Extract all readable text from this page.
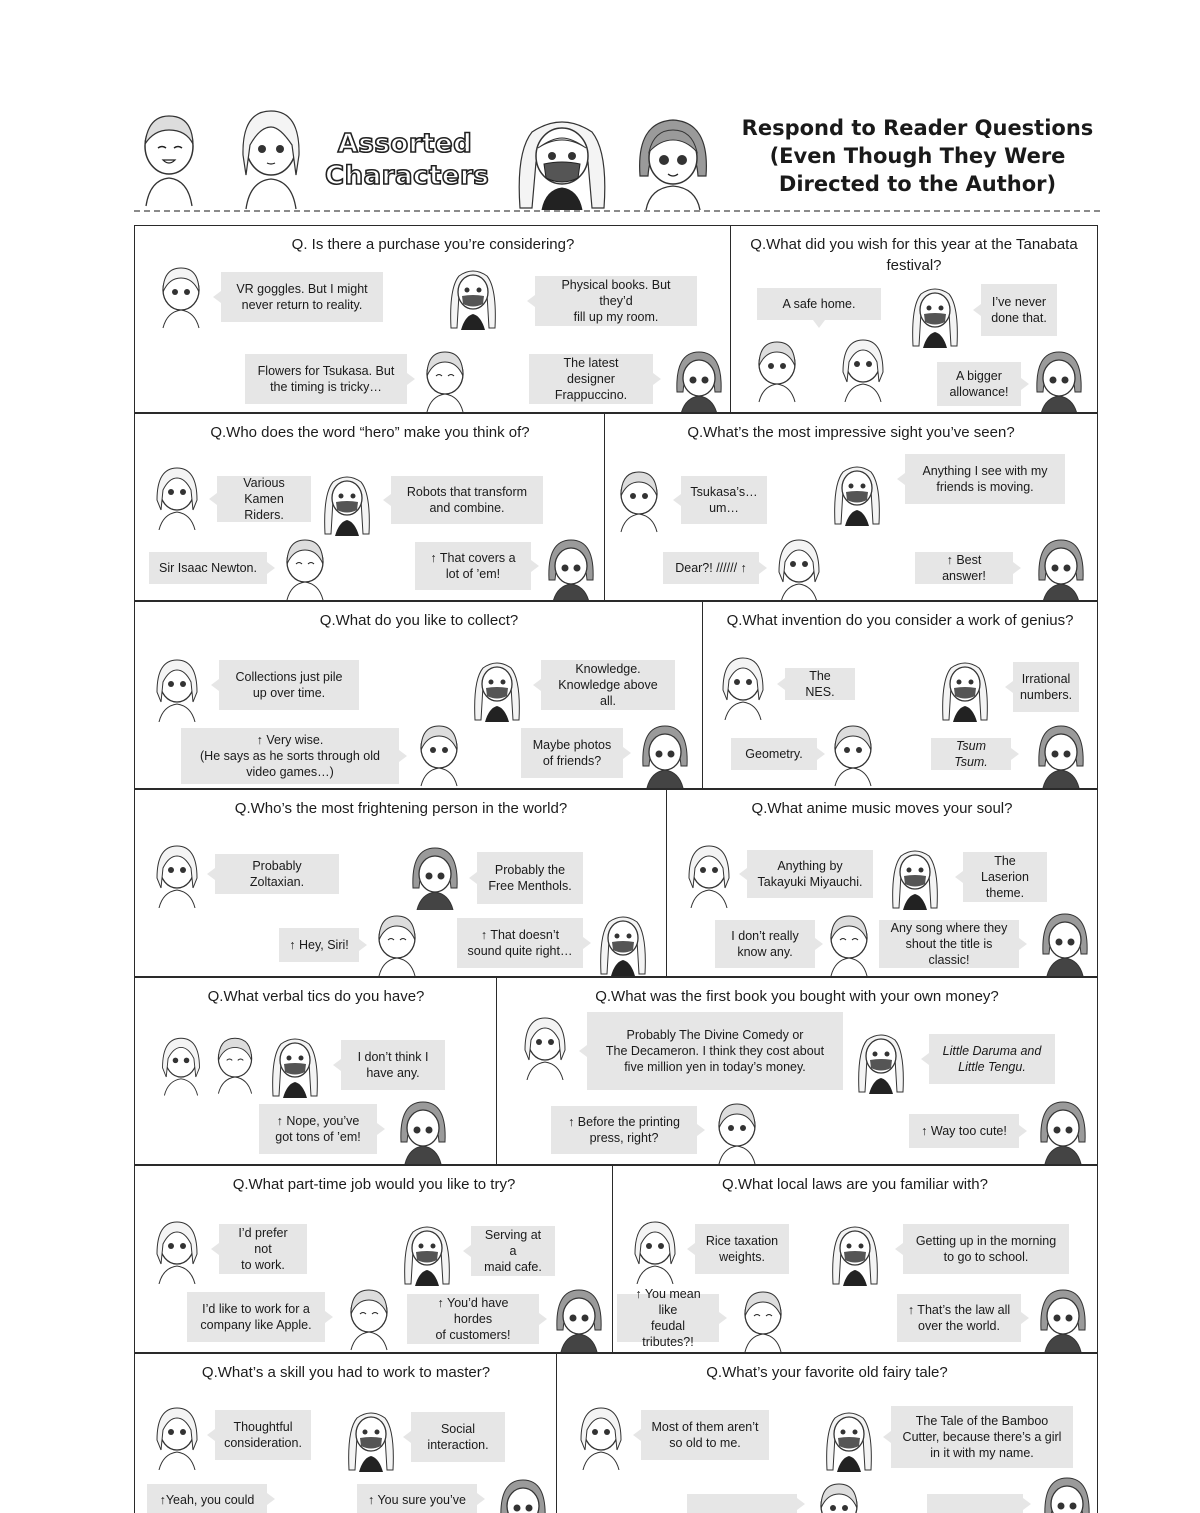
Assorted
Characters
Respond to Reader Questions
(Even Though They Were
Directed to the Author)
Q. Is there a purchase you’re considering?
VR goggles. But I might
never return to reality.
Physical books. But they’d
fill up my room.
Flowers for Tsukasa. But
the timing is tricky…
The latest designer
Frappuccino.
Q.What did you wish for this year at the Tanabata festival?
A safe home.	I’ve never
done that.
A bigger
allowance!
Q.Who does the word “hero” make you think of?
Various Kamen
Riders.
Robots that transform
and combine.
Sir Isaac Newton.
↑ That covers a
lot of ’em!
Q.What’s the most impressive sight you’ve seen?
Tsukasa’s…
um…
Anything I see with my
friends is moving.
Dear?! ////// ↑
↑ Best answer!
Q.What do you like to collect?
Collections just pile
up over time.
Knowledge.
Knowledge above all.
↑ Very wise.
(He says as he sorts through old
video games…)
Maybe photos
of friends?
Q.What invention do you consider a work of genius?
The NES.
Irrational
numbers.
Geometry.
Tsum Tsum.
Q.Who’s the most frightening person in the world?
Probably Zoltaxian.
Probably the
Free Menthols.
↑ Hey, Siri!
↑ That doesn’t
sound quite right…
Q.What anime music moves your soul?
Anything by
Takayuki Miyauchi.
The Laserion
theme.
I don’t really
know any.
Any song where they
shout the title is classic!
Q.What verbal tics do you have?
I don’t think I
have any.
↑ Nope, you’ve
got tons of ’em!
Q.What was the first book you bought with your own money?
Probably The Divine Comedy or
The Decameron. I think they cost about
five million yen in today’s money.
Little Daruma and
Little Tengu.
↑ Before the printing
press, right?	↑ Way too cute!
Q.What part-time job would you like to try?
I’d prefer not
to work.
Serving at a
maid cafe.
I’d like to work for a
company like Apple.
↑ You’d have hordes
of customers!
Q.What local laws are you familiar with?
Rice taxation
weights.
Getting up in the morning
to go to school.
↑ You mean like
feudal tributes?!
↑ That’s the law all
over the world.
Q.What’s a skill you had to work to master?
Thoughtful
consideration.
Social
interaction.
↑Yeah, you could	↑ You sure you’ve
Q.What’s your favorite old fairy tale?
Most of them aren’t
so old to me.
The Tale of the Bamboo
Cutter, because there’s a girl
in it with my name.
